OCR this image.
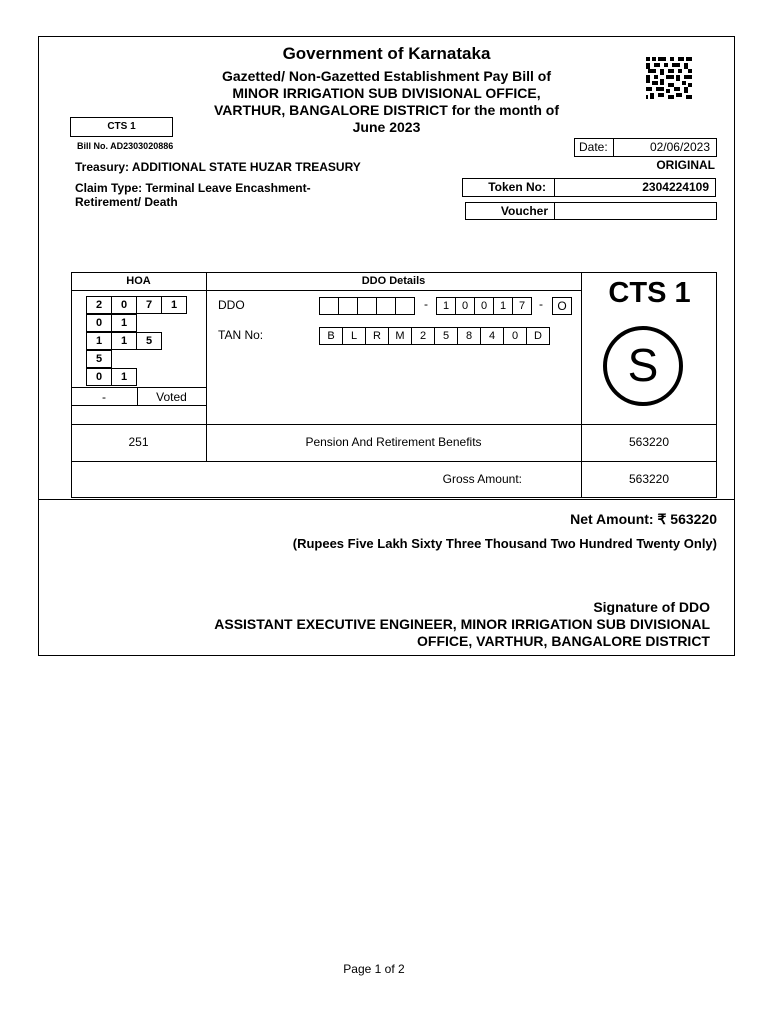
Government of Karnataka
Gazetted/ Non-Gazetted Establishment Pay Bill of
MINOR IRRIGATION SUB DIVISIONAL OFFICE,
VARTHUR, BANGALORE DISTRICT for the month of
June 2023
CTS 1
Bill No. AD2303020886	Date:	02/06/2023
ORIGINAL
Treasury: ADDITIONAL STATE HUZAR TREASURY
Claim Type: Terminal Leave Encashment-
Retirement/ Death
Token No:	2304224109
Voucher
HOA	DDO Details
2	0	7	1
0	1
1	1	5
5
0	1
-	Voted
DDO	-	1	0	0	1	7	-	O
TAN No:	B	L	R	M	2	5	8	4	0	D
CTS 1
S
251	Pension And Retirement Benefits	563220
Gross Amount:	563220
Net Amount: ₹ 563220
(Rupees Five Lakh Sixty Three Thousand Two Hundred Twenty Only)
Signature of DDO
ASSISTANT EXECUTIVE ENGINEER, MINOR IRRIGATION SUB DIVISIONAL
OFFICE, VARTHUR, BANGALORE DISTRICT
Page 1 of 2
